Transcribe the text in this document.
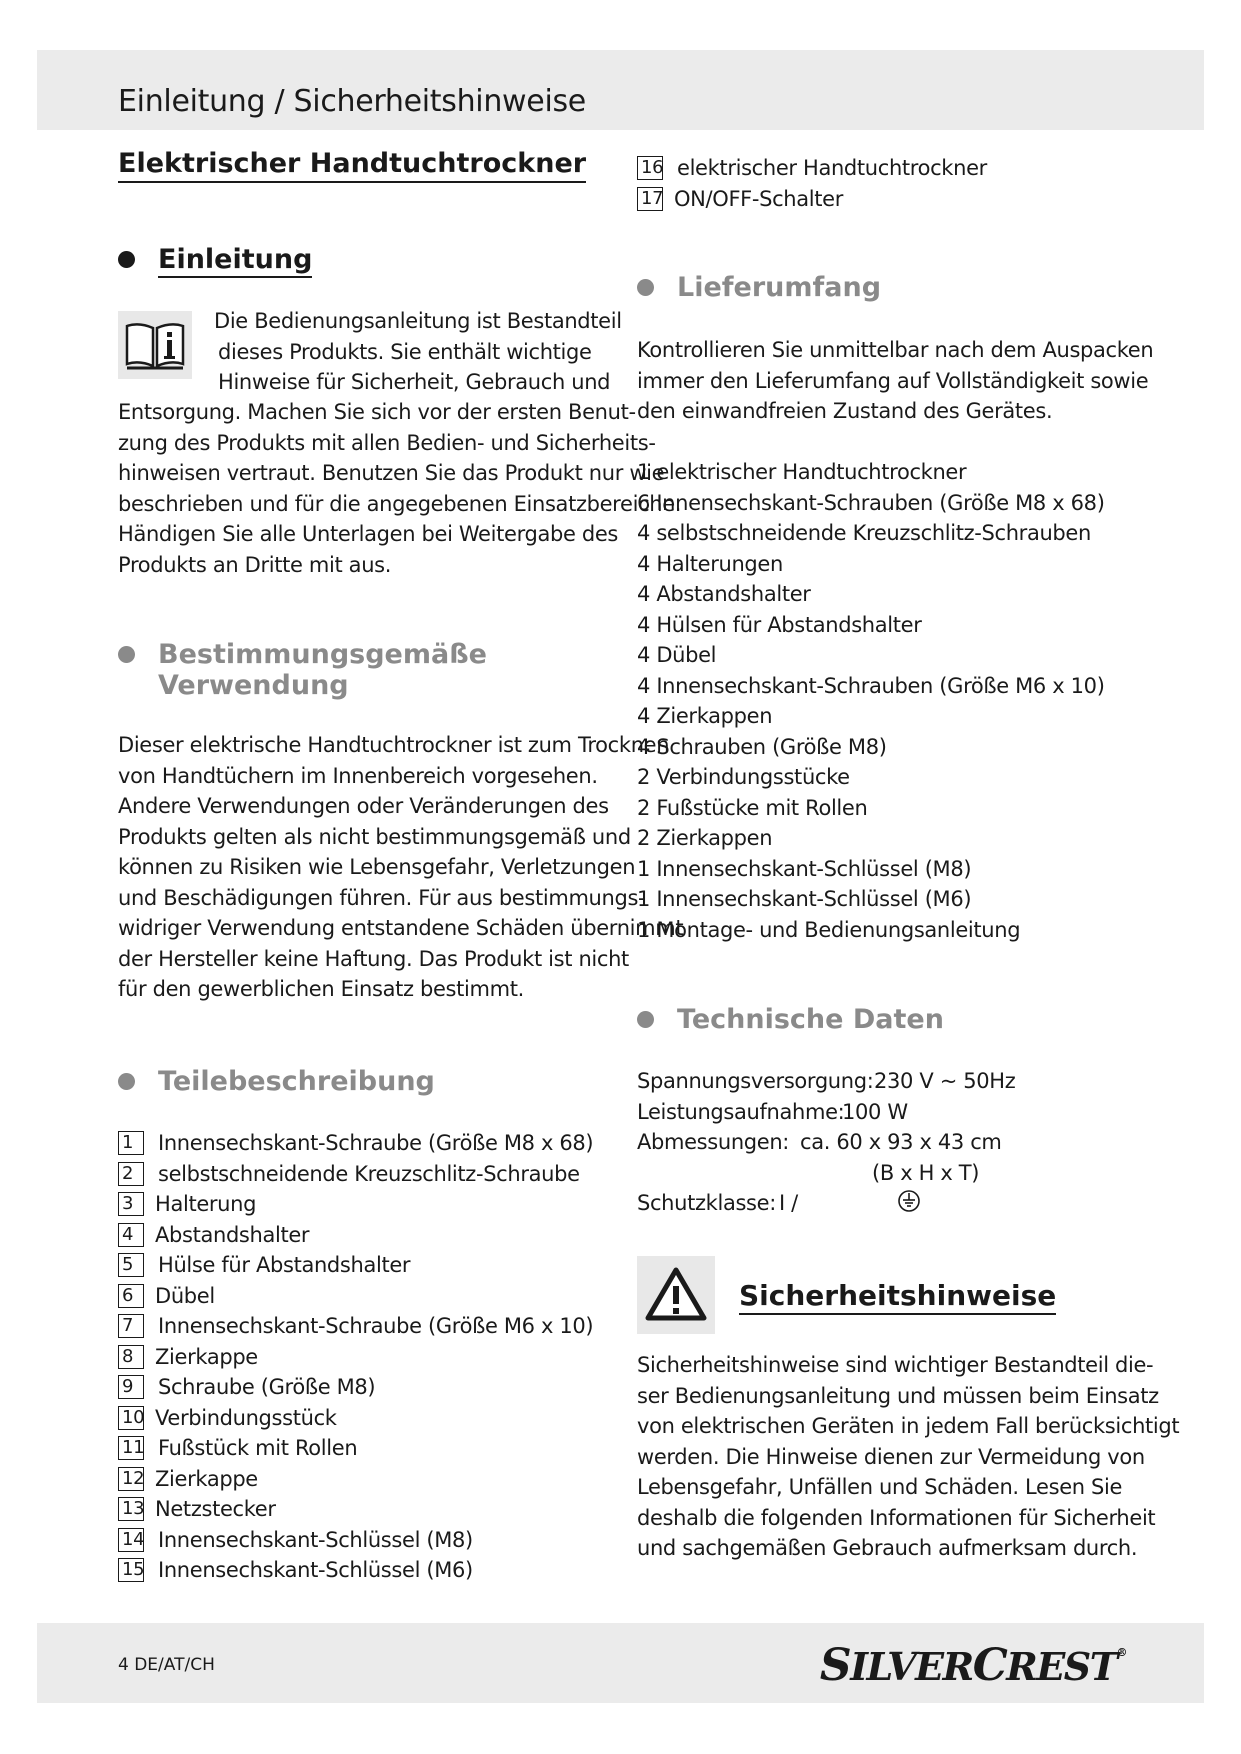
Einleitung / Sicherheitshinweise
Elektrischer Handtuchtrockner
Einleitung

Die Bedienungsanleitung ist Bestandteil

dieses Produkts. Sie enthält wichtige

Hinweise für Sicherheit, Gebrauch und

Entsorgung. Machen Sie sich vor der ersten Benut-

zung des Produkts mit allen Bedien- und Sicherheits-

hinweisen vertraut. Benutzen Sie das Produkt nur wie

beschrieben und für die angegebenen Einsatzbereiche.

Händigen Sie alle Unterlagen bei Weitergabe des

Produkts an Dritte mit aus.

Bestimmungsgemäße
Verwendung

Dieser elektrische Handtuchtrockner ist zum Trocknen

von Handtüchern im Innenbereich vorgesehen.

Andere Verwendungen oder Veränderungen des

Produkts gelten als nicht bestimmungsgemäß und

können zu Risiken wie Lebensgefahr, Verletzungen

und Beschädigungen führen. Für aus bestimmungs-

widriger Verwendung entstandene Schäden übernimmt

der Hersteller keine Haftung. Das Produkt ist nicht

für den gewerblichen Einsatz bestimmt.

Teilebeschreibung
1	Innensechskant-Schraube (Größe M8 x 68)
2	selbstschneidende Kreuzschlitz-Schraube
3	Halterung
4	Abstandshalter
5	Hülse für Abstandshalter
6	Dübel
7	Innensechskant-Schraube (Größe M6 x 10)
8	Zierkappe
9	Schraube (Größe M8)
10 Verbindungsstück
11 Fußstück mit Rollen
12 Zierkappe
13 Netzstecker
14 Innensechskant-Schlüssel (M8)
15 Innensechskant-Schlüssel (M6)
16 elektrischer Handtuchtrockner
17 ON/OFF-Schalter
Lieferumfang

Kontrollieren Sie unmittelbar nach dem Auspacken

immer den Lieferumfang auf Vollständigkeit sowie

den einwandfreien Zustand des Gerätes.

1 elektrischer Handtuchtrockner

6 Innensechskant-Schrauben (Größe M8 x 68)

4 selbstschneidende Kreuzschlitz-Schrauben

4 Halterungen

4 Abstandshalter

4 Hülsen für Abstandshalter

4 Dübel

4 Innensechskant-Schrauben (Größe M6 x 10)

4 Zierkappen

4 Schrauben (Größe M8)

2 Verbindungsstücke

2 Fußstücke mit Rollen

2 Zierkappen

1 Innensechskant-Schlüssel (M8)

1 Innensechskant-Schlüssel (M6)

1 Montage- und Bedienungsanleitung

Technische Daten
Spannungsversorgung: 230 V ~ 50Hz
Leistungsaufnahme:
100 W
Abmessungen: ca. 60 x 93 x 43 cm
(B x H x T)
Schutzklasse: I /
Sicherheitshinweise

Sicherheitshinweise sind wichtiger Bestandteil die-

ser Bedienungsanleitung und müssen beim Einsatz

von elektrischen Geräten in jedem Fall berücksichtigt

werden. Die Hinweise dienen zur Vermeidung von

Lebensgefahr, Unfällen und Schäden. Lesen Sie

deshalb die folgenden Informationen für Sicherheit

und sachgemäßen Gebrauch aufmerksam durch.

4 DE/AT/CH	SILVERCREST®
